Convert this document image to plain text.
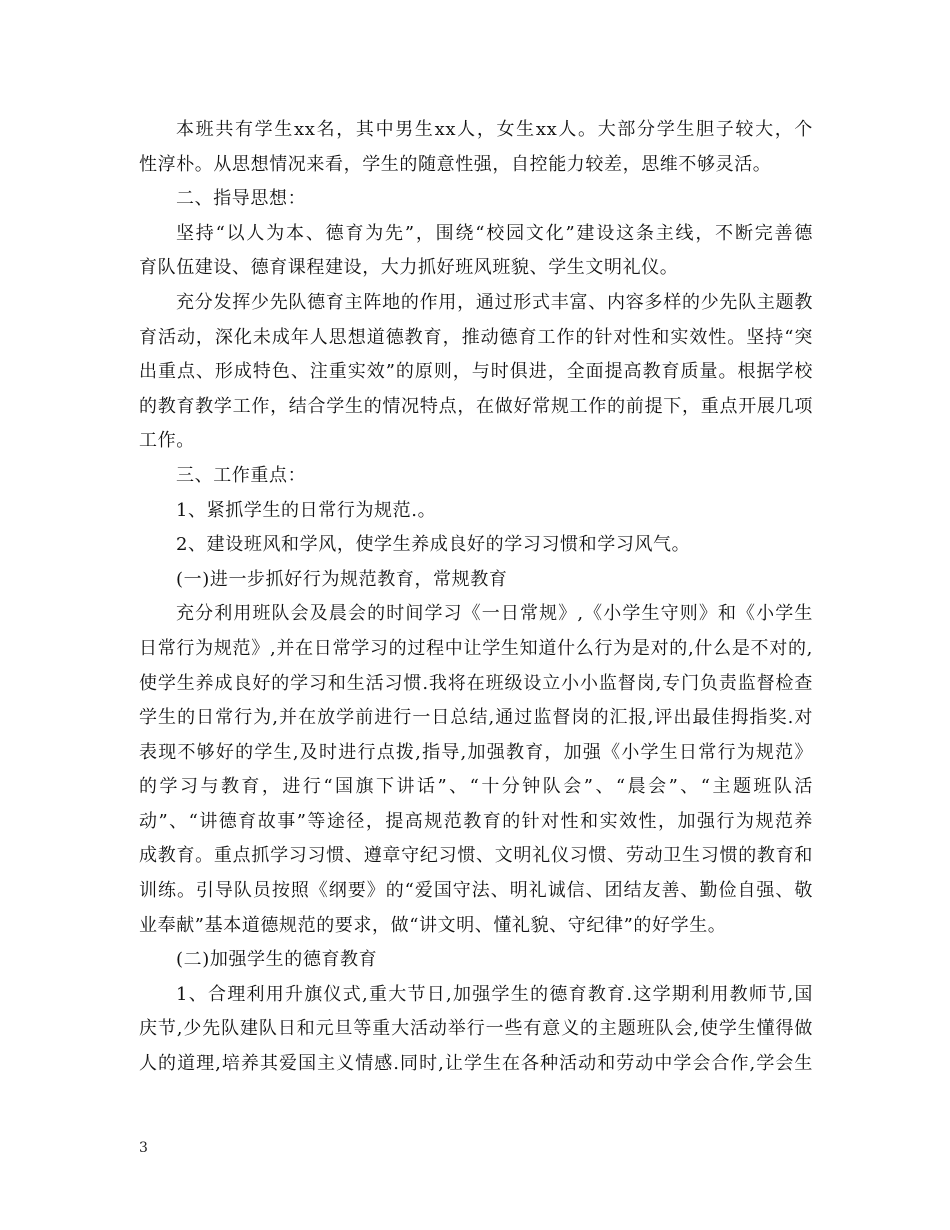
本班共有学生xx名，其中男生xx人，女生xx人。大部分学生胆子较大，个
性淳朴。从思想情况来看，学生的随意性强，自控能力较差，思维不够灵活。
二、指导思想：
坚持“以人为本、德育为先”，围绕“校园文化”建设这条主线，不断完善德
育队伍建设、德育课程建设，大力抓好班风班貌、学生文明礼仪。
充分发挥少先队德育主阵地的作用，通过形式丰富、内容多样的少先队主题教
育活动，深化未成年人思想道德教育，推动德育工作的针对性和实效性。坚持“突
出重点、形成特色、注重实效”的原则，与时俱进，全面提高教育质量。根据学校
的教育教学工作，结合学生的情况特点，在做好常规工作的前提下，重点开展几项
工作。
三、工作重点：
1、紧抓学生的日常行为规范.。
2、建设班风和学风，使学生养成良好的学习习惯和学习风气。
(一)进一步抓好行为规范教育，常规教育
充分利用班队会及晨会的时间学习《一日常规》,《小学生守则》和《小学生
日常行为规范》,并在日常学习的过程中让学生知道什么行为是对的,什么是不对的,
使学生养成良好的学习和生活习惯.我将在班级设立小小监督岗,专门负责监督检查
学生的日常行为,并在放学前进行一日总结,通过监督岗的汇报,评出最佳拇指奖.对
表现不够好的学生,及时进行点拨,指导,加强教育，加强《小学生日常行为规范》
的学习与教育，进行“国旗下讲话”、“十分钟队会”、“晨会”、“主题班队活
动”、“讲德育故事”等途径，提高规范教育的针对性和实效性，加强行为规范养
成教育。重点抓学习习惯、遵章守纪习惯、文明礼仪习惯、劳动卫生习惯的教育和
训练。引导队员按照《纲要》的“爱国守法、明礼诚信、团结友善、勤俭自强、敬
业奉献”基本道德规范的要求，做“讲文明、懂礼貌、守纪律”的好学生。
(二)加强学生的德育教育
1、合理利用升旗仪式,重大节日,加强学生的德育教育.这学期利用教师节,国
庆节,少先队建队日和元旦等重大活动举行一些有意义的主题班队会,使学生懂得做
人的道理,培养其爱国主义情感.同时,让学生在各种活动和劳动中学会合作,学会生
3
